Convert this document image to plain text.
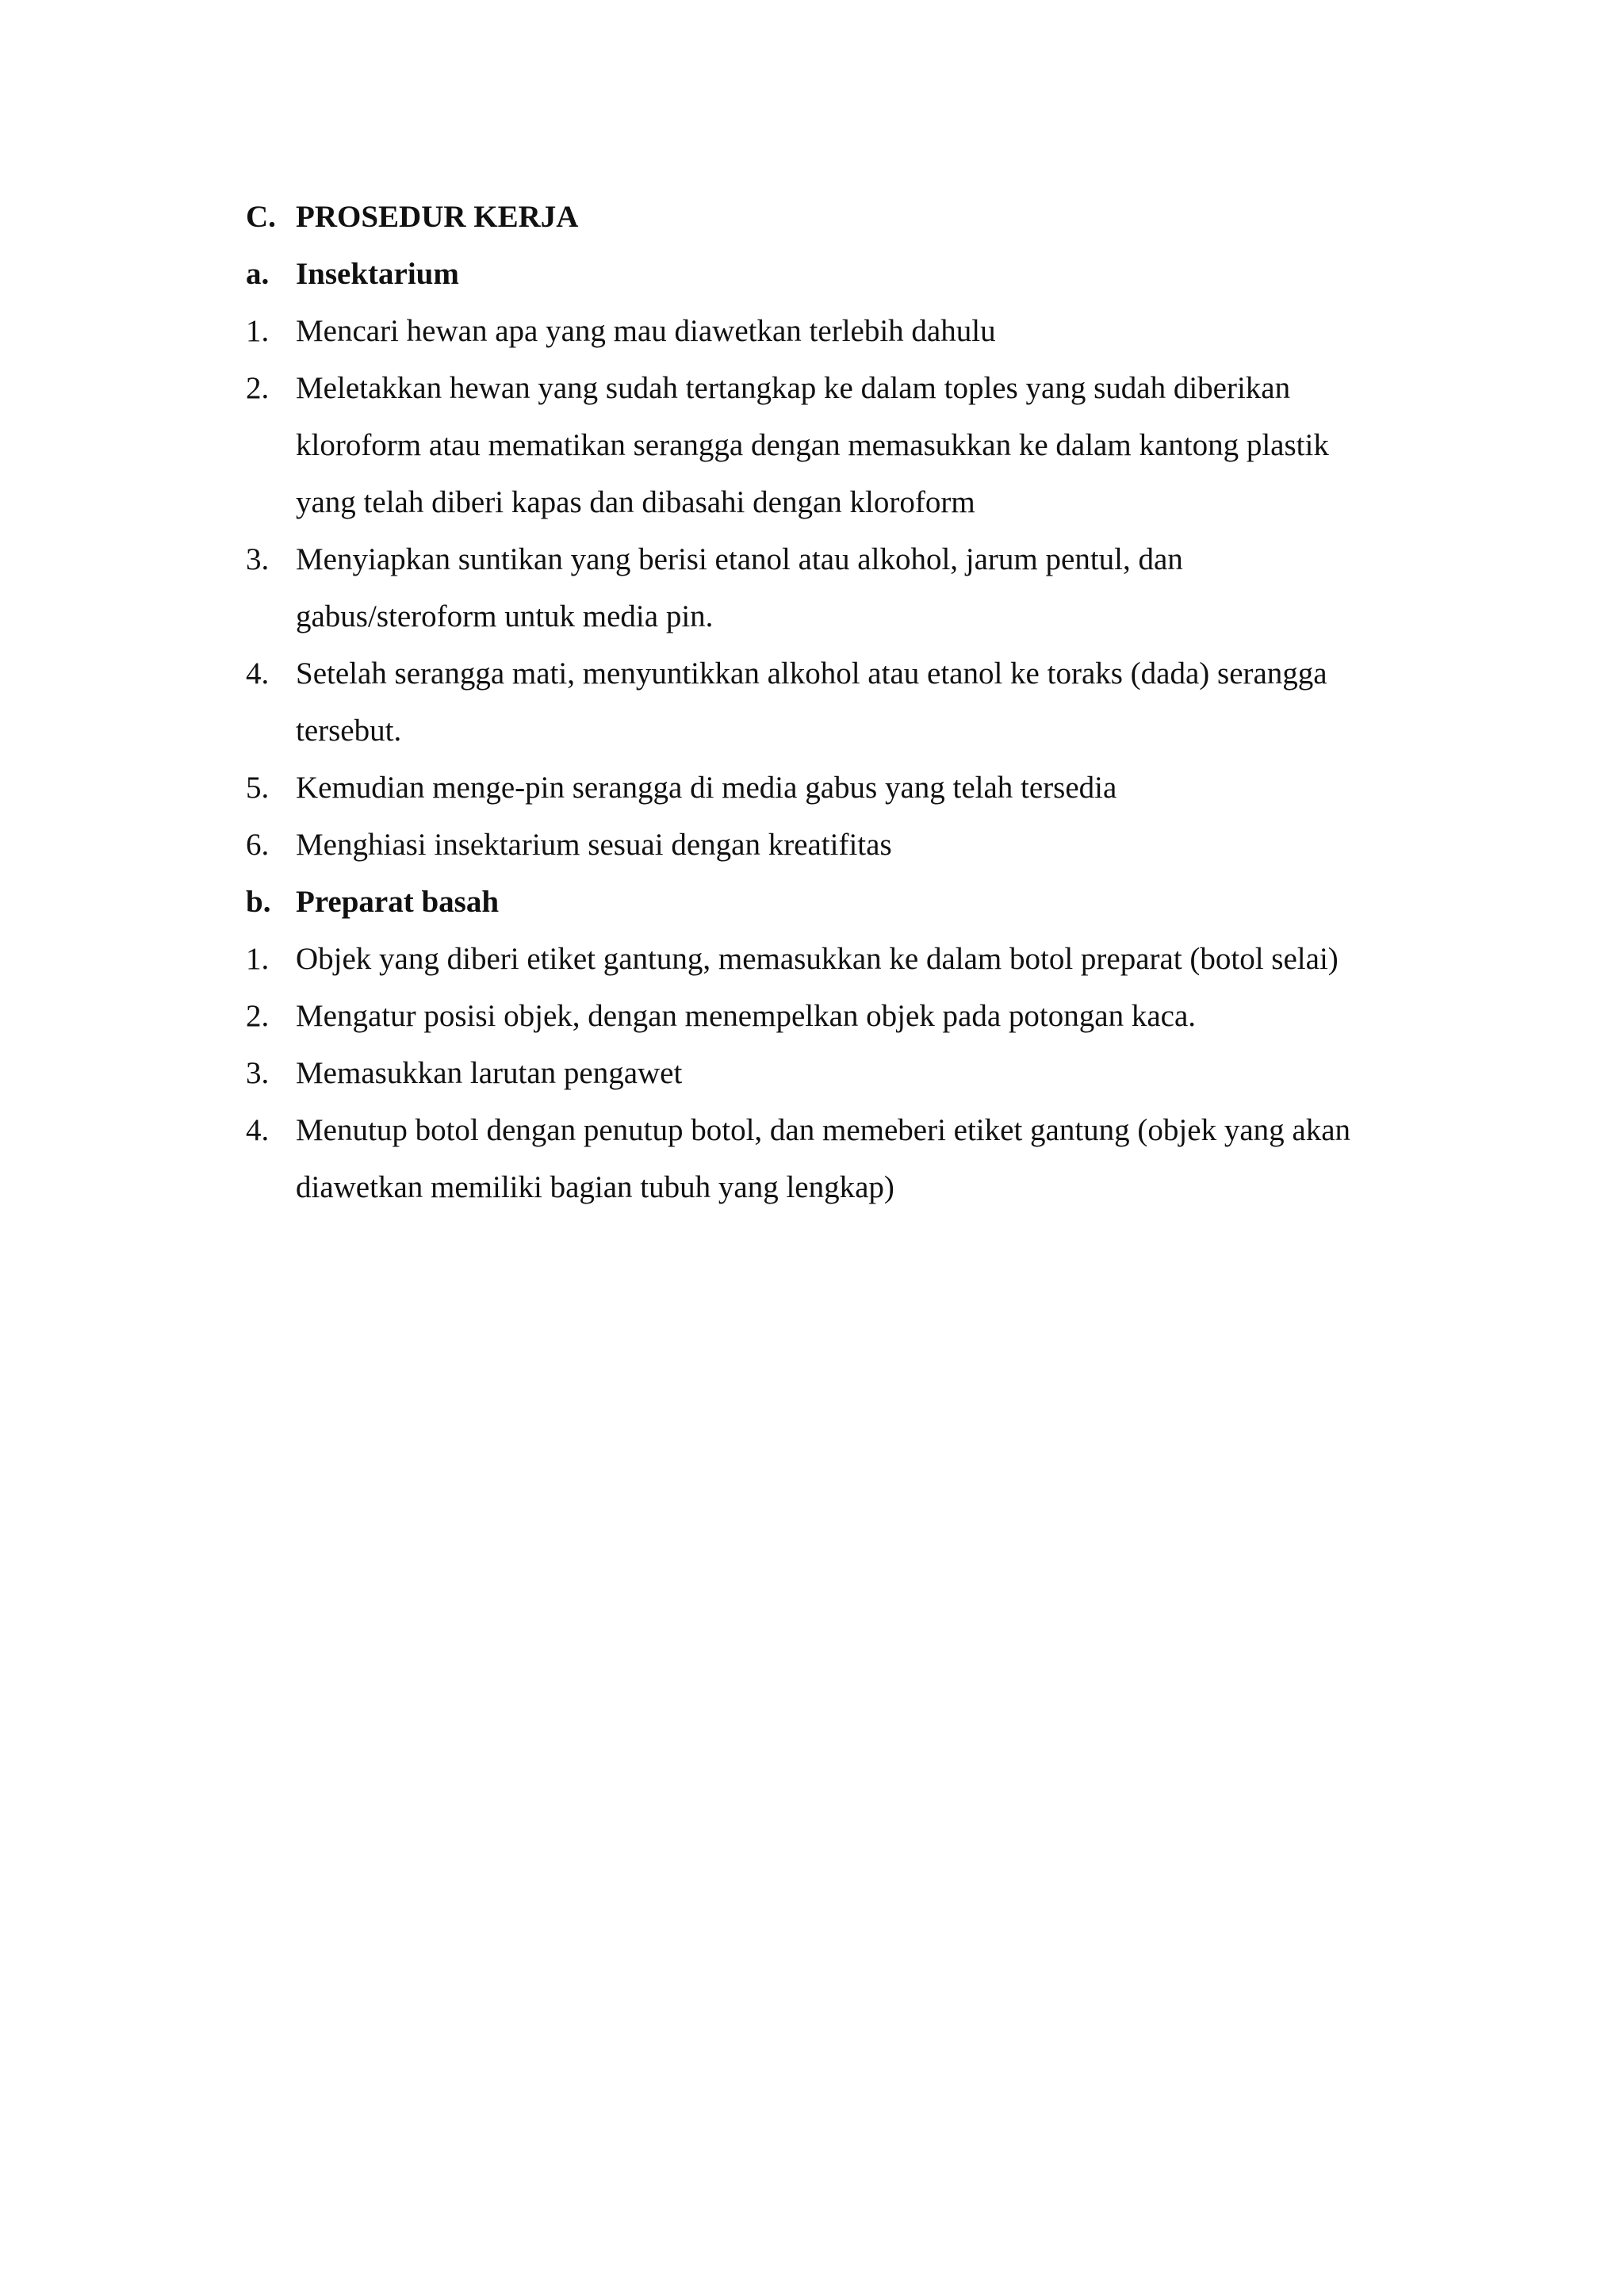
C. PROSEDUR KERJA
a. Insektarium
1. Mencari hewan apa yang mau diawetkan terlebih dahulu
2. Meletakkan hewan yang sudah tertangkap ke dalam toples yang sudah diberikan
kloroform atau mematikan serangga dengan memasukkan ke dalam kantong plastik
yang telah diberi kapas dan dibasahi dengan kloroform
3. Menyiapkan suntikan yang berisi etanol atau alkohol, jarum pentul, dan
gabus/steroform untuk media pin.
4. Setelah serangga mati, menyuntikkan alkohol atau etanol ke toraks (dada) serangga
tersebut.
5. Kemudian menge-pin serangga di media gabus yang telah tersedia
6. Menghiasi insektarium sesuai dengan kreatifitas
b. Preparat basah
1. Objek yang diberi etiket gantung, memasukkan ke dalam botol preparat (botol selai)
2. Mengatur posisi objek, dengan menempelkan objek pada potongan kaca.
3. Memasukkan larutan pengawet
4. Menutup botol dengan penutup botol, dan memeberi etiket gantung (objek yang akan
diawetkan memiliki bagian tubuh yang lengkap)
